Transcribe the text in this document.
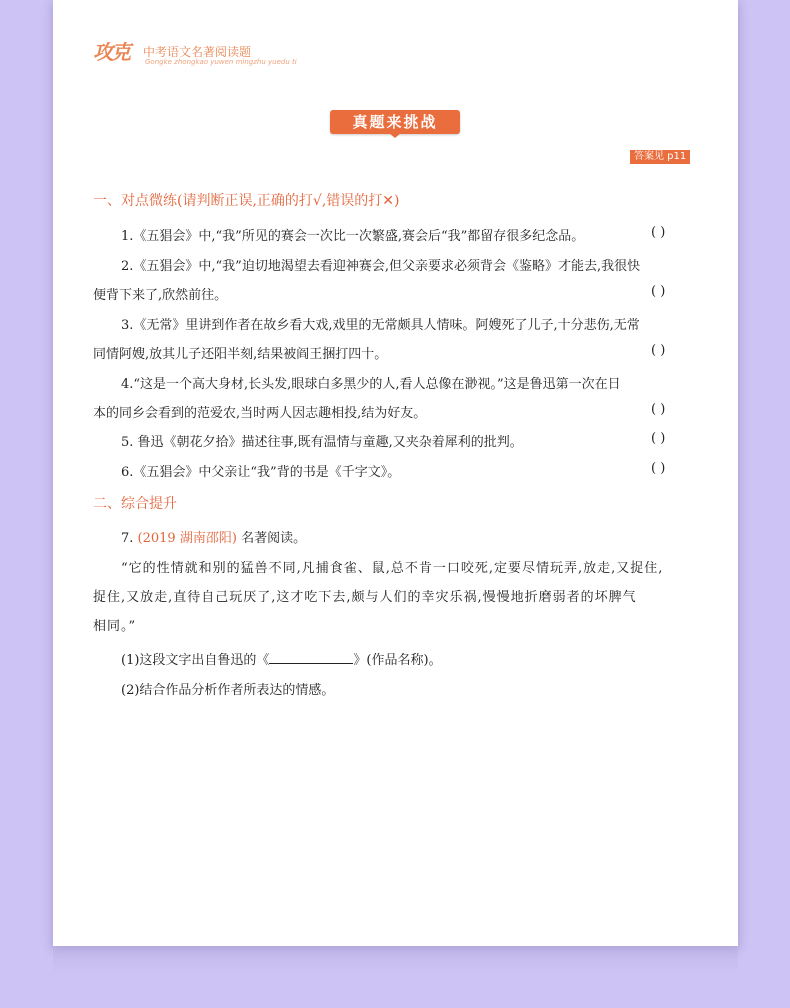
攻克 中考语文名著阅读题
Gongke zhongkao yuwen mingzhu yuedu ti
真题来挑战
答案见 p11
一、对点微练(请判断正误,正确的打√,错误的打✕)
1.《五猖会》中,“我”所见的赛会一次比一次繁盛,赛会后“我”都留存很多纪念品。	( )
2.《五猖会》中,“我”迫切地渴望去看迎神赛会,但父亲要求必须背会《鉴略》才能去,我很快
便背下来了,欣然前往。	( )
3.《无常》里讲到作者在故乡看大戏,戏里的无常颇具人情味。阿嫂死了儿子,十分悲伤,无常
同情阿嫂,放其儿子还阳半刻,结果被阎王捆打四十。	( )
4.“这是一个高大身材,长头发,眼球白多黑少的人,看人总像在渺视。”这是鲁迅第一次在日
本的同乡会看到的范爱农,当时两人因志趣相投,结为好友。	( )
5. 鲁迅《朝花夕拾》描述往事,既有温情与童趣,又夹杂着犀利的批判。	( )
6.《五猖会》中父亲让“我”背的书是《千字文》。	( )
二、综合提升
7. (2019 湖南邵阳) 名著阅读。
“它的性情就和别的猛兽不同,凡捕食雀、鼠,总不肯一口咬死,定要尽情玩弄,放走,又捉住,
捉住,又放走,直待自己玩厌了,这才吃下去,颇与人们的幸灾乐祸,慢慢地折磨弱者的坏脾气
相同。”
(1)这段文字出自鲁迅的《	》(作品名称)。
(2)结合作品分析作者所表达的情感。
